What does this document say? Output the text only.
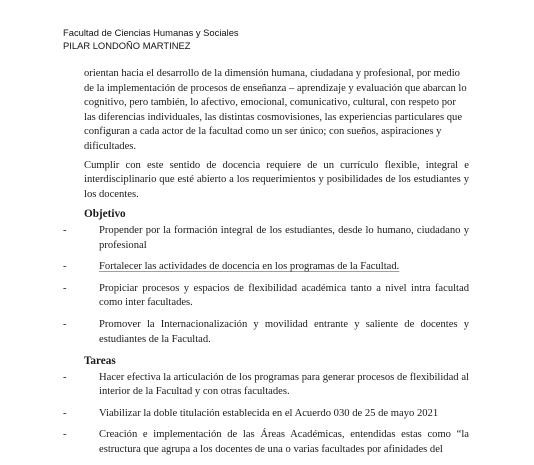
Facultad de Ciencias Humanas y Sociales
PILAR LONDOÑO MARTINEZ

orientan hacia el desarrollo de la dimensión humana, ciudadana y profesional, por medio de la implementación de procesos de enseñanza – aprendizaje y evaluación que abarcan lo cognitivo, pero también, lo afectivo, emocional, comunicativo, cultural, con respeto por las diferencias individuales, las distintas cosmovisiones, las experiencias particulares que configuran a cada actor de la facultad como un ser único; con sueños, aspiraciones y dificultades.

Cumplir con este sentido de docencia requiere de un currículo flexible, integral e interdisciplinario que esté abierto a los requerimientos y posibilidades de los estudiantes y los docentes.

Objetivo
-	Propender por la formación integral de los estudiantes, desde lo humano, ciudadano y profesional
-	Fortalecer las actividades de docencia en los programas de la Facultad.
-	Propiciar procesos y espacios de flexibilidad académica tanto a nivel intra facultad como inter facultades.
-	Promover la Internacionalización y movilidad entrante y saliente de docentes y estudiantes de la Facultad.
Tareas
-	Hacer efectiva la articulación de los programas para generar procesos de flexibilidad al interior de la Facultad y con otras facultades.
-	Viabilizar la doble titulación establecida en el Acuerdo 030 de 25 de mayo 2021
-	Creación e implementación de las Áreas Académicas, entendidas estas como “la estructura que agrupa a los docentes de una o varias facultades por afinidades del
